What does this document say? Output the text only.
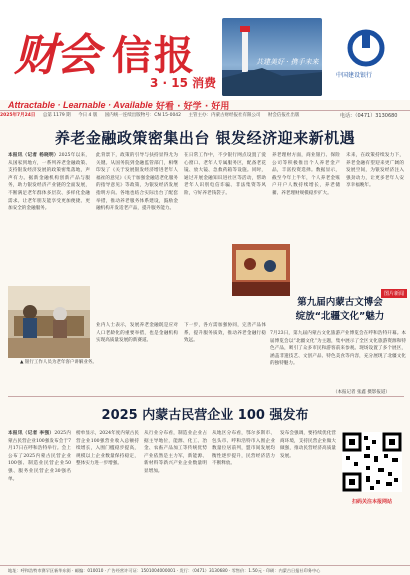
财会 信报
3 · 15 消费
Attractable · Learnable · Available 好看 · 好学 · 好用
共建美好 · 携手未来
中国建设银行
电话：（0471）3130680
2025年7月24日 总第 1179 期 今日 4 版 国内统一连续出版物号：CN 15-0042 主管主办：内蒙古财经报社有限公司 财会信报社出版
养老金融政策密集出台 银发经济迎来新机遇
本报讯（记者 杨晓明）2025年以来，从国家到地方，一系列养老金融政策、支持银发经济发展的政策密集落地，声声有力。据新金融机构创新产品与服务，助力银发经济产业链的全面发展，不断满足老年群体多层次、多样化金融需求。让老年朋友能享受更加便捷、更加安全的金融服务。
此背景下，政策的引导与扶持显得尤为关键。从国务院到金融监管部门，相继印发了《关于发展银发经济增进老年人福祉的意见》《关于加强金融适老化服务的指导意见》等政策，为银发经济发展指明方向。各地也结合实际出台了配套举措，推动养老服务体系建设，鼓励金融机构开发适老产品，提升服务能力。
在日常工作中，不少银行网点设置了爱心窗口、老年人专属服务区，配备老花镜、放大镜、急救药箱等设施。同时，通过开展金融知识进社区等活动，帮助老年人识别电信诈骗、非法集资等风险，守好养老钱袋子。
养老理财方面，商业银行、保险公司等积极推出个人养老金产品，丰富投资选择。数据显示，截至今年上半年，个人养老金账户开户人数持续增长，养老储蓄、养老理财规模稳步扩大。
未来，在政策持续发力下，养老金融有望迎来更广阔的发展空间，为银发经济注入强劲动力，让更多老年人安享幸福晚年。
▲ 银行工作人员为老年客户讲解业务。
业内人士表示，发展养老金融既是应对人口老龄化的重要举措，也是金融机构实现高质量发展的新赛道。
下一步，各方需加强协同，完善产品体系，提升服务质效，推动养老金融行稳致远。
图片新闻
第九届内蒙古文博会
绽放“北疆文化”魅力
7月23日，第九届内蒙古文化旅游产业博览会在呼和浩特开幕。本届博览会以“北疆文化”为主题，集中展示了全区文化旅游资源和特色产品，吸引了众多市民和游客前来参观。现场设置了多个展区，涵盖非遗技艺、文创产品、特色美食等内容，充分展现了北疆文化的独特魅力。
（本报记者 张鑫 摄影报道）
2025 内蒙古民营企业 100 强发布
本报讯（记者 李强）2025内蒙古民营企业100强发布会于7月17日在呼和浩特举行。会上公布了2025内蒙古民营企业100强、制造业民营企业50强、服务业民营企业30强名单。
榜单显示，2024年度内蒙古民营企业100强营业收入总额持续增长，入围门槛稳步提高，规模以上企业数量保持稳定，整体实力进一步增强。
从行业分布看，制造业企业占据主导地位，能源、化工、冶金、农畜产品加工等传统优势产业依然是主力军，新能源、新材料等新兴产业企业数量明显增加。
从地区分布看，鄂尔多斯市、包头市、呼和浩特市入围企业数量位居前列，盟市间发展均衡性逐步提升，民营经济活力不断释放。
发布会强调，要持续优化营商环境，支持民营企业做大做强，推动民营经济高质量发展。
扫码关注本报网站
地址：呼和浩特市赛罕区新华东街 · 邮编：010010 · 广告经营许可证：1501004000001 · 发行：（0471）3130680 · 零售价：1.50元 · 印刷：内蒙古日报社印务中心
